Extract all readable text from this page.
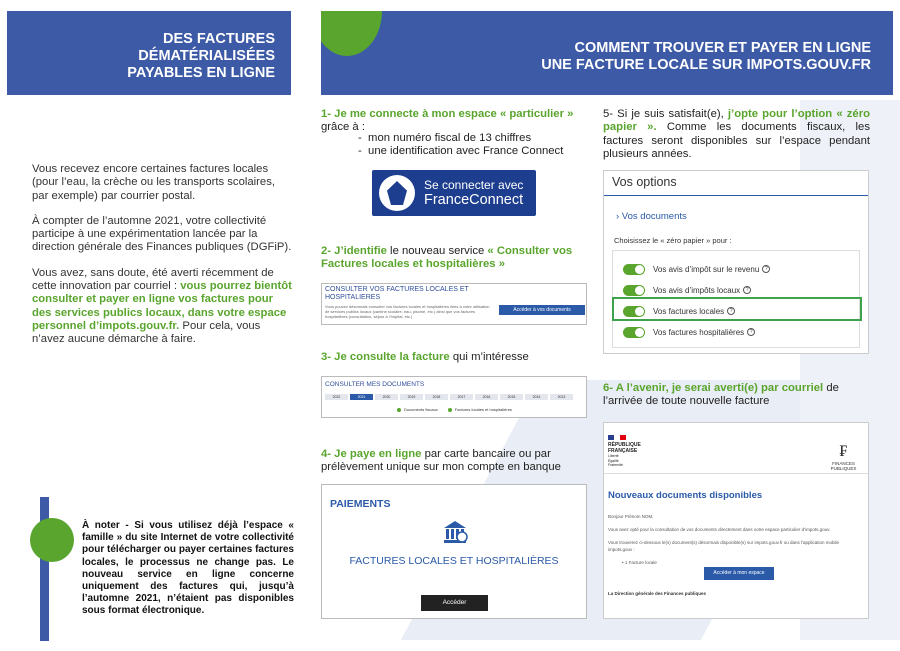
DES FACTURES
DÉMATÉRIALISÉES
PAYABLES EN LIGNE

Vous recevez encore certaines factures locales (pour l’eau, la crèche ou les transports scolaires, par exemple) par courrier postal.

À compter de l’automne 2021, votre collectivité participe à une expérimentation lancée par la direction générale des Finances publiques (DGFiP).

Vous avez, sans doute, été averti récemment de cette innovation par courriel : vous pourrez bientôt consulter et payer en ligne vos factures pour des services publics locaux, dans votre espace personnel d’impots.gouv.fr. Pour cela, vous n’avez aucune démarche à faire.

À noter - Si vous utilisez déjà l’espace « famille » du site Internet de votre collectivité pour télécharger ou payer certaines factures locales, le processus ne change pas. Le nouveau service en ligne concerne uniquement des factures qui, jusqu’à l’automne 2021, n’étaient pas disponibles sous format électronique.
COMMENT TROUVER ET PAYER EN LIGNE
UNE FACTURE LOCALE SUR IMPOTS.GOUV.FR
1- Je me connecte à mon espace « particulier » grâce à :
-  mon numéro fiscal de 13 chiffres
-  une identification avec France Connect
Se connecter avec
FranceConnect
2- J’identifie le nouveau service « Consulter vos Factures locales et hospitalières »
CONSULTER VOS FACTURES LOCALES ET HOSPITALIERES
Vous pouvez désormais consulter vos factures locales et hospitalières liées à votre utilisation de services publics locaux (cantine scolaire, eau, piscine, etc.) ainsi que vos factures hospitalières (consultation, séjour à l’hôpital, etc.)
Accéder à vos documents
3- Je consulte la facture qui m’intéresse
CONSULTER MES DOCUMENTS
2022	2021	2020	2019	2018	2017	2016	2015	2014	2013
Documents fiscaux	Factures locales et hospitalières
4- Je paye en ligne par carte bancaire ou par prélèvement unique sur mon compte en banque
PAIEMENTS
FACTURES LOCALES ET HOSPITALIÈRES
Accéder
5- Si je suis satisfait(e), j’opte pour l’option « zéro papier ». Comme les documents fiscaux, les factures seront disponibles sur l’espace pendant plusieurs années.
Vos options
› Vos documents
Choisissez le « zéro papier » pour :
Vos avis d’impôt sur le revenu	?
Vos avis d’impôts locaux	?
Vos factures locales	?
Vos factures hospitalières	?
6- A l’avenir, je serai averti(e) par courriel de l’arrivée de toute nouvelle facture
RÉPUBLIQUE
FRANÇAISE
Liberté
Égalité
Fraternité
₣
FINANCES PUBLIQUES
Nouveaux documents disponibles

Bonjour Prénom NOM,

Vous avez opté pour la consultation de vos documents directement dans votre espace particulier d’impots.gouv.

Vous trouverez ci-dessous le(s) document(s) désormais disponible(s) sur impots.gouv.fr ou dans l’application mobile impots.gouv :

• 1 Facture locale

Accéder à mon espace
La Direction générale des Finances publiques
